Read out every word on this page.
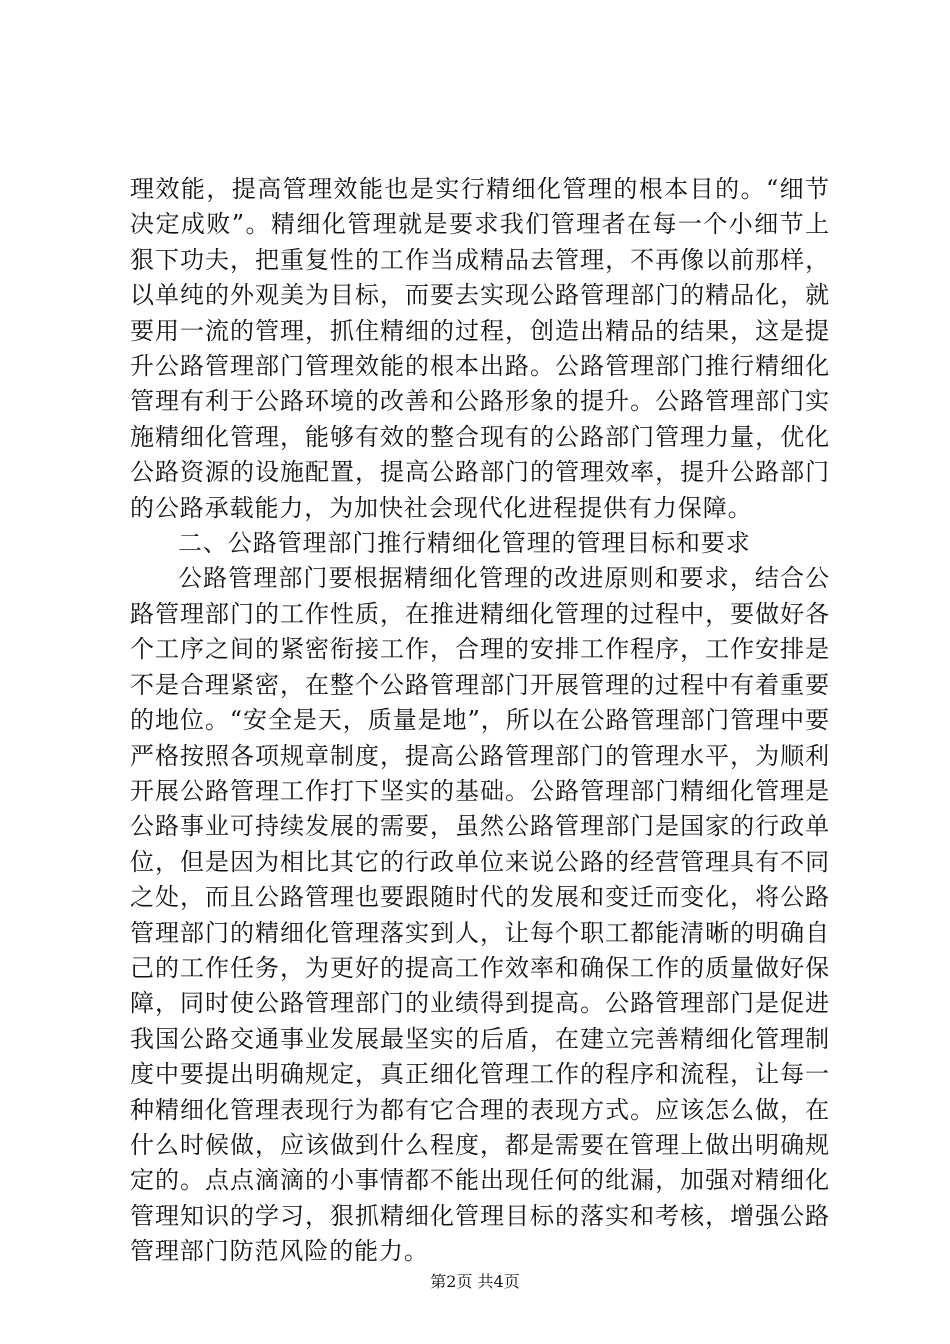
理效能，提高管理效能也是实行精细化管理的根本目的。“细节决定成败”。精细化管理就是要求我们管理者在每一个小细节上狠下功夫，把重复性的工作当成精品去管理，不再像以前那样，以单纯的外观美为目标，而要去实现公路管理部门的精品化，就要用一流的管理，抓住精细的过程，创造出精品的结果，这是提升公路管理部门管理效能的根本出路。公路管理部门推行精细化管理有利于公路环境的改善和公路形象的提升。公路管理部门实施精细化管理，能够有效的整合现有的公路部门管理力量，优化公路资源的设施配置，提高公路部门的管理效率，提升公路部门的公路承载能力，为加快社会现代化进程提供有力保障。

二、公路管理部门推行精细化管理的管理目标和要求

公路管理部门要根据精细化管理的改进原则和要求，结合公路管理部门的工作性质，在推进精细化管理的过程中，要做好各个工序之间的紧密衔接工作，合理的安排工作程序，工作安排是不是合理紧密，在整个公路管理部门开展管理的过程中有着重要的地位。“安全是天，质量是地”，所以在公路管理部门管理中要严格按照各项规章制度，提高公路管理部门的管理水平，为顺利开展公路管理工作打下坚实的基础。公路管理部门精细化管理是公路事业可持续发展的需要，虽然公路管理部门是国家的行政单位，但是因为相比其它的行政单位来说公路的经营管理具有不同之处，而且公路管理也要跟随时代的发展和变迁而变化，将公路管理部门的精细化管理落实到人，让每个职工都能清晰的明确自己的工作任务，为更好的提高工作效率和确保工作的质量做好保障，同时使公路管理部门的业绩得到提高。公路管理部门是促进我国公路交通事业发展最坚实的后盾，在建立完善精细化管理制度中要提出明确规定，真正细化管理工作的程序和流程，让每一种精细化管理表现行为都有它合理的表现方式。应该怎么做，在什么时候做，应该做到什么程度，都是需要在管理上做出明确规定的。点点滴滴的小事情都不能出现任何的纰漏，加强对精细化管理知识的学习，狠抓精细化管理目标的落实和考核，增强公路管理部门防范风险的能力。

第2页 共4页
